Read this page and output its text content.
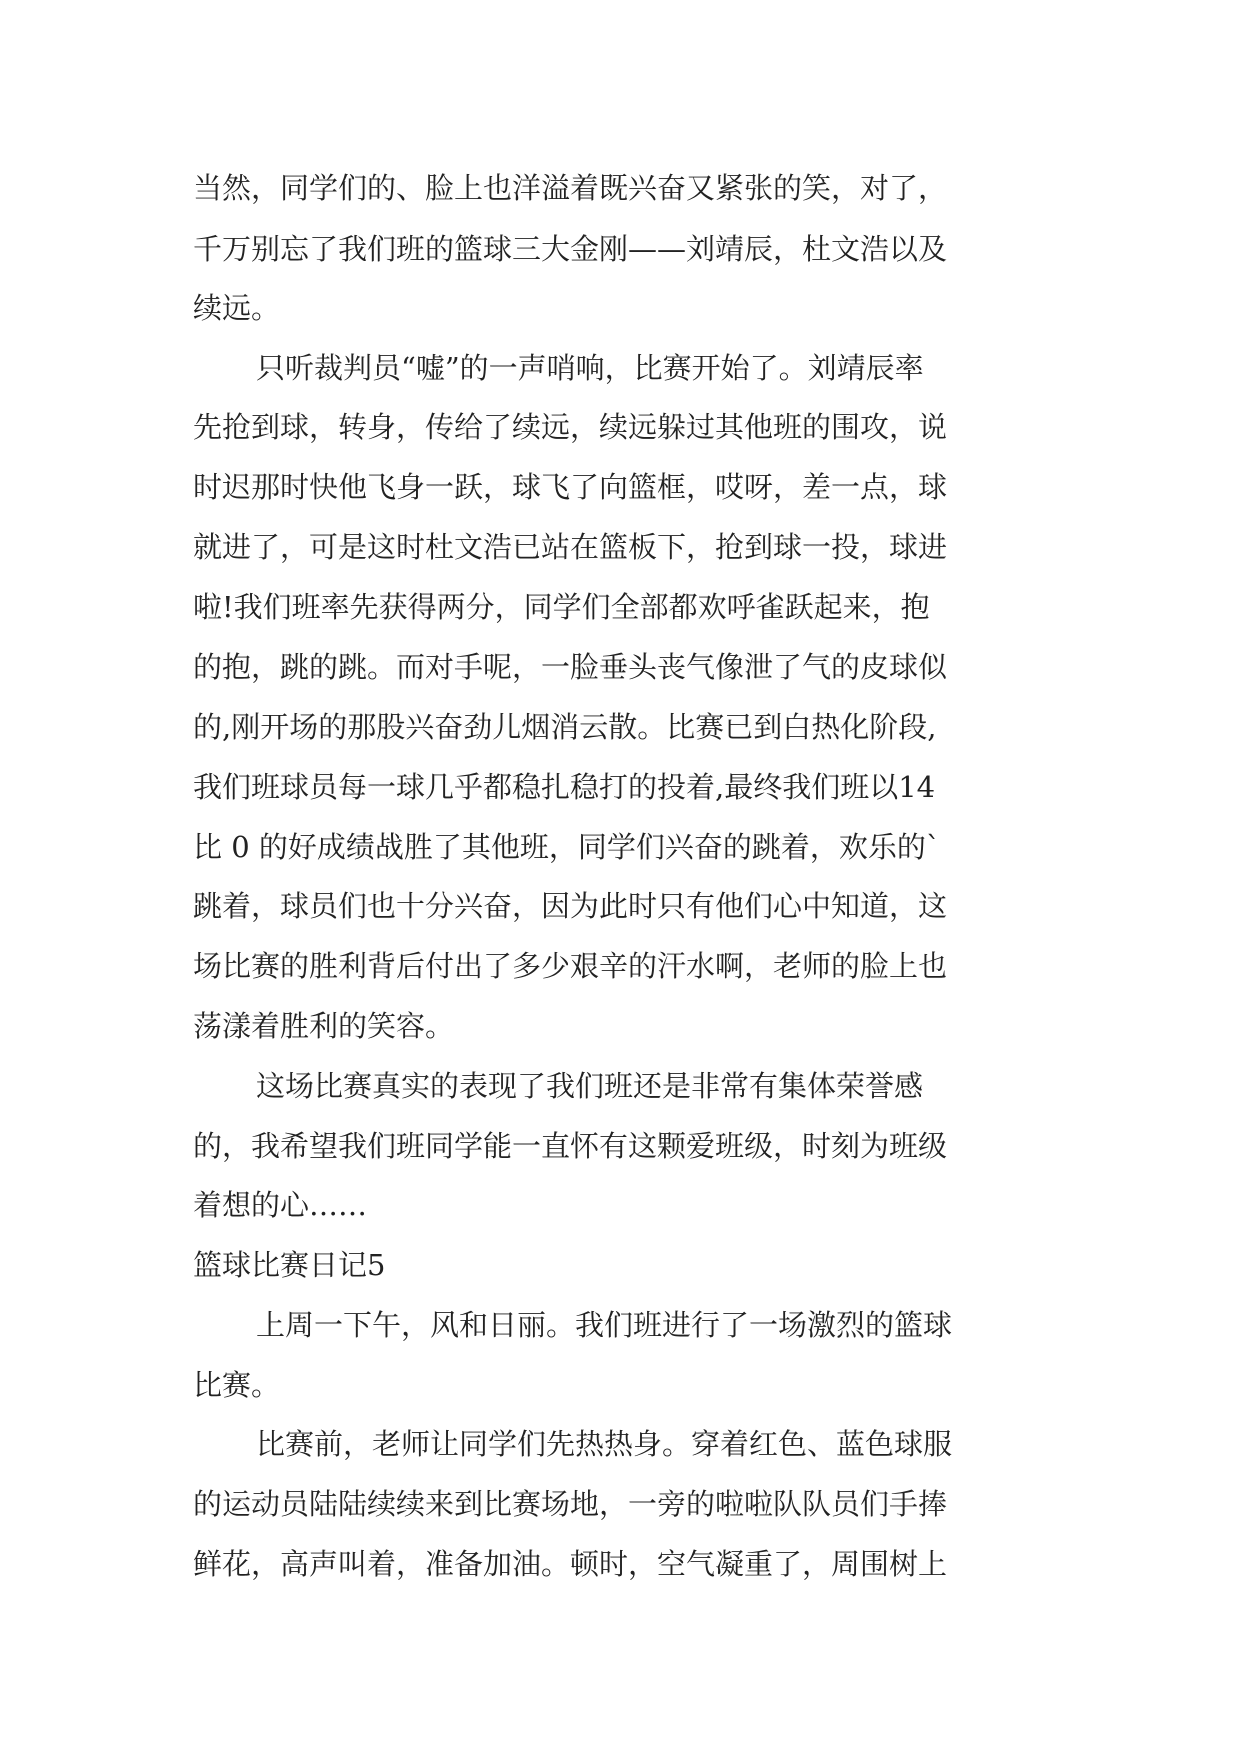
当然，同学们的、脸上也洋溢着既兴奋又紧张的笑，对了，
千万别忘了我们班的篮球三大金刚——刘靖辰，杜文浩以及
续远。
只听裁判员“嘘”的一声哨响，比赛开始了。刘靖辰率
先抢到球，转身，传给了续远，续远躲过其他班的围攻，说
时迟那时快他飞身一跃，球飞了向篮框，哎呀，差一点，球
就进了，可是这时杜文浩已站在篮板下，抢到球一投，球进
啦!我们班率先获得两分，同学们全部都欢呼雀跃起来，抱
的抱，跳的跳。而对手呢，一脸垂头丧气像泄了气的皮球似
的,刚开场的那股兴奋劲儿烟消云散。比赛已到白热化阶段,
我们班球员每一球几乎都稳扎稳打的投着,最终我们班以14
比 0 的好成绩战胜了其他班，同学们兴奋的跳着，欢乐的`
跳着，球员们也十分兴奋，因为此时只有他们心中知道，这
场比赛的胜利背后付出了多少艰辛的汗水啊，老师的脸上也
荡漾着胜利的笑容。
这场比赛真实的表现了我们班还是非常有集体荣誉感
的，我希望我们班同学能一直怀有这颗爱班级，时刻为班级
着想的心……
篮球比赛日记5
上周一下午，风和日丽。我们班进行了一场激烈的篮球
比赛。
比赛前，老师让同学们先热热身。穿着红色、蓝色球服
的运动员陆陆续续来到比赛场地，一旁的啦啦队队员们手捧
鲜花，高声叫着，准备加油。顿时，空气凝重了，周围树上
